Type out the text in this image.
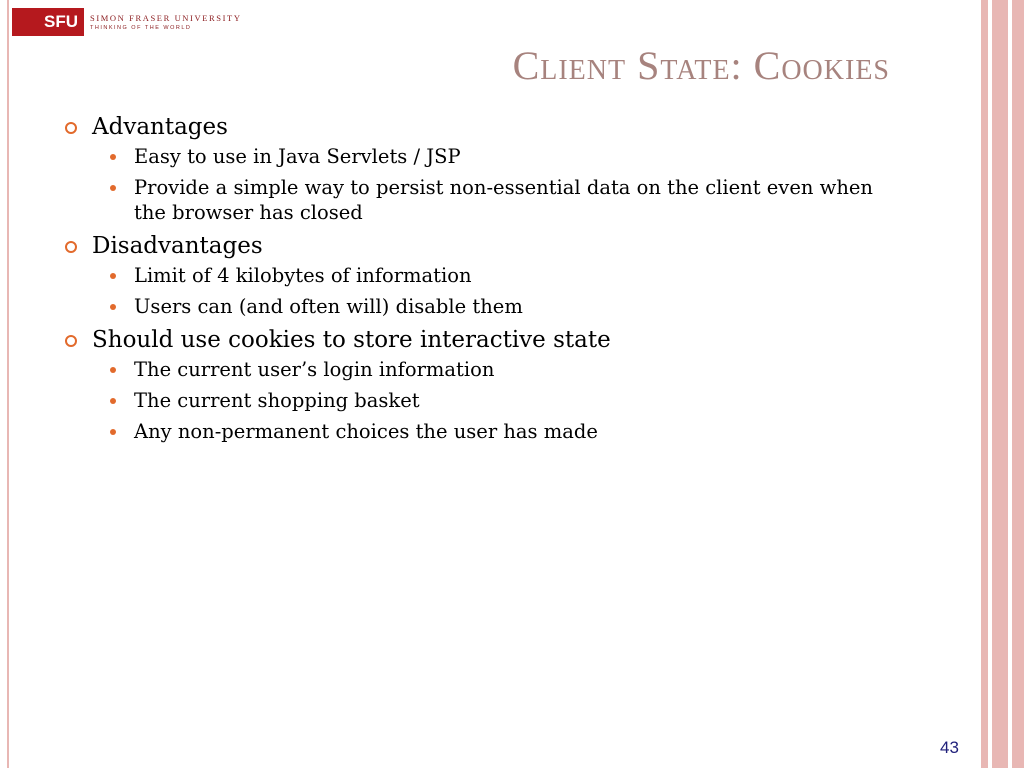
SFU	SIMON FRASER UNIVERSITY
THINKING OF THE WORLD
Client State: Cookies
Advantages
Easy to use in Java Servlets / JSP
Provide a simple way to persist non-essential data on the client even when the browser has closed
Disadvantages
Limit of 4 kilobytes of information
Users can (and often will) disable them
Should use cookies to store interactive state
The current user’s login information
The current shopping basket
Any non-permanent choices the user has made
43
